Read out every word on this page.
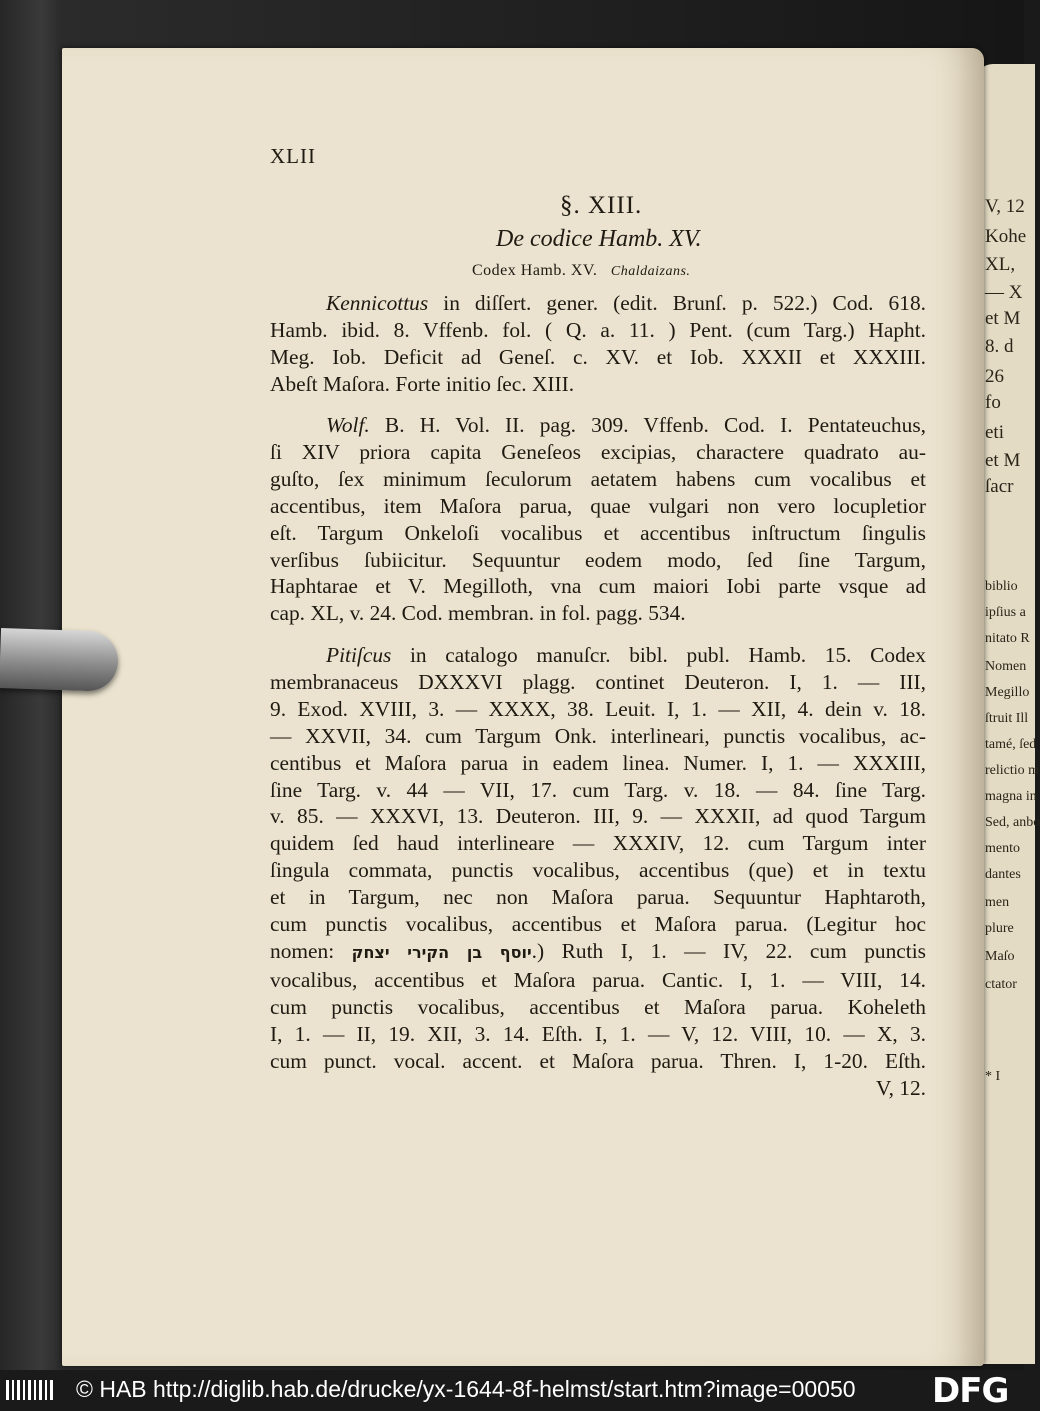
V, 12
Kohe
XL,
— X
et M
8. d
26
fo
eti
et M
ſacr
biblio
ipſius a
nitato R
Nomen
Megillo
ſtruit Ill
tamé, ſed
relictio m
magna in
Sed, anbo
mento
dantes
men
plure
Maſo
ctator
* I
XLII
§. XIII.
De codice Hamb. XV.
Codex Hamb. XV. Chaldaizans.
Kennicottus in diſſert. gener. (edit. Brunſ. p. 522.) Cod. 618.
Hamb. ibid. 8. Vffenb. fol. ( Q. a. 11. ) Pent. (cum Targ.) Hapht.
Meg. Iob. Deficit ad Geneſ. c. XV. et Iob. XXXII et XXXIII.
Abeſt Maſora. Forte initio ſec. XIII.
Wolf. B. H. Vol. II. pag. 309. Vffenb. Cod. I. Pentateuchus,
ſi XIV priora capita Geneſeos excipias, charactere quadrato au-
guſto, ſex minimum ſeculorum aetatem habens cum vocalibus et
accentibus, item Maſora parua, quae vulgari non vero locupletior
eſt. Targum Onkeloſi vocalibus et accentibus inſtructum ſingulis
verſibus ſubiicitur. Sequuntur eodem modo, ſed ſine Targum,
Haphtarae et V. Megilloth, vna cum maiori Iobi parte vsque ad
cap. XL, v. 24. Cod. membran. in fol. pagg. 534.
Pitiſcus in catalogo manuſcr. bibl. publ. Hamb. 15. Codex
membranaceus DXXXVI plagg. continet Deuteron. I, 1. — III,
9. Exod. XVIII, 3. — XXXX, 38. Leuit. I, 1. — XII, 4. dein v. 18.
— XXVII, 34. cum Targum Onk. interlineari, punctis vocalibus, ac-
centibus et Maſora parua in eadem linea. Numer. I, 1. — XXXIII,
ſine Targ. v. 44 — VII, 17. cum Targ. v. 18. — 84. ſine Targ.
v. 85. — XXXVI, 13. Deuteron. III, 9. — XXXII, ad quod Targum
quidem ſed haud interlineare — XXXIV, 12. cum Targum inter
ſingula commata, punctis vocalibus, accentibus (que) et in textu
et in Targum, nec non Maſora parua. Sequuntur Haphtaroth,
cum punctis vocalibus, accentibus et Maſora parua. (Legitur hoc
nomen: יוסף בן הקירי יצחק.) Ruth I, 1. — IV, 22. cum punctis
vocalibus, accentibus et Maſora parua. Cantic. I, 1. — VIII, 14.
cum punctis vocalibus, accentibus et Maſora parua. Koheleth
I, 1. — II, 19. XII, 3. 14. Eſth. I, 1. — V, 12. VIII, 10. — X, 3.
cum punct. vocal. accent. et Maſora parua. Thren. I, 1-20. Eſth.
V, 12.
© HAB http://diglib.hab.de/drucke/yx-1644-8f-helmst/start.htm?image=00050 DFG
